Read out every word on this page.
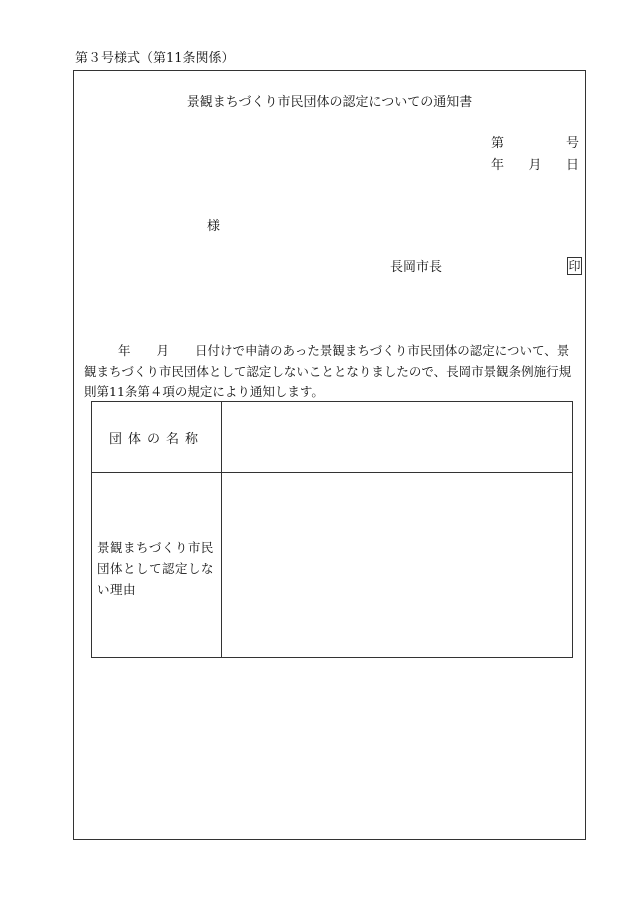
第３号様式（第11条関係）
景観まちづくり市民団体の認定についての通知書
第	号
年 月 日
様
長岡市長	印
年 月 日付けで申請のあった景観まちづくり市民団体の認定について、景
観まちづくり市民団体として認定しないこととなりましたので、長岡市景観条例施行規
則第11条第４項の規定により通知します。
団体の名称
景観まちづくり市民
団体として認定しな
い理由
